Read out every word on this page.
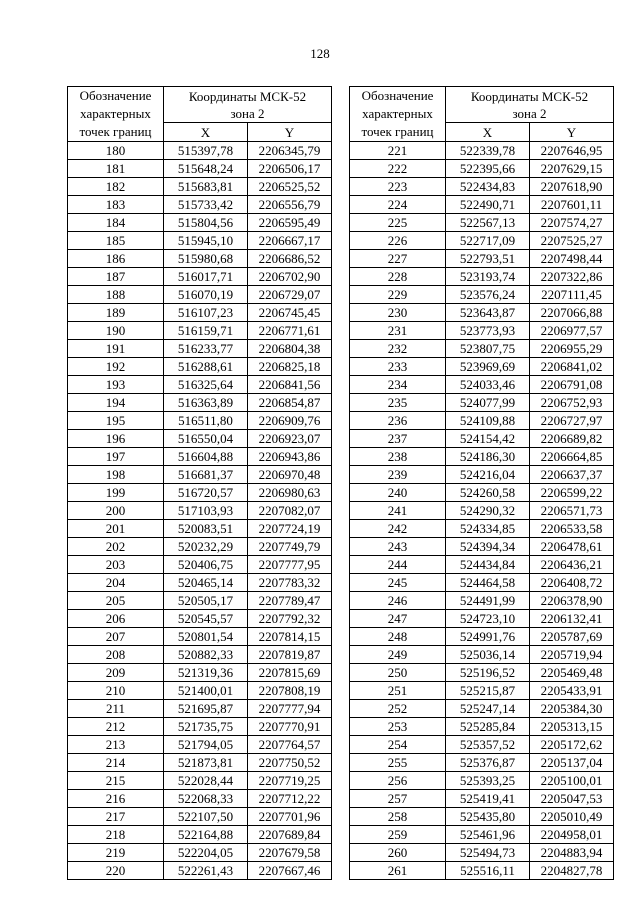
128
Обозначение
характерных
точек границ	Координаты МСК-52
зона 2	
	X	Y
180	515397,78	2206345,79
181	515648,24	2206506,17
182	515683,81	2206525,52
183	515733,42	2206556,79
184	515804,56	2206595,49
185	515945,10	2206667,17
186	515980,68	2206686,52
187	516017,71	2206702,90
188	516070,19	2206729,07
189	516107,23	2206745,45
190	516159,71	2206771,61
191	516233,77	2206804,38
192	516288,61	2206825,18
193	516325,64	2206841,56
194	516363,89	2206854,87
195	516511,80	2206909,76
196	516550,04	2206923,07
197	516604,88	2206943,86
198	516681,37	2206970,48
199	516720,57	2206980,63
200	517103,93	2207082,07
201	520083,51	2207724,19
202	520232,29	2207749,79
203	520406,75	2207777,95
204	520465,14	2207783,32
205	520505,17	2207789,47
206	520545,57	2207792,32
207	520801,54	2207814,15
208	520882,33	2207819,87
209	521319,36	2207815,69
210	521400,01	2207808,19
211	521695,87	2207777,94
212	521735,75	2207770,91
213	521794,05	2207764,57
214	521873,81	2207750,52
215	522028,44	2207719,25
216	522068,33	2207712,22
217	522107,50	2207701,96
218	522164,88	2207689,84
219	522204,05	2207679,58
220	522261,43	2207667,46
Обозначение
характерных
точек границ	Координаты МСК-52
зона 2	
	X	Y
221	522339,78	2207646,95
222	522395,66	2207629,15
223	522434,83	2207618,90
224	522490,71	2207601,11
225	522567,13	2207574,27
226	522717,09	2207525,27
227	522793,51	2207498,44
228	523193,74	2207322,86
229	523576,24	2207111,45
230	523643,87	2207066,88
231	523773,93	2206977,57
232	523807,75	2206955,29
233	523969,69	2206841,02
234	524033,46	2206791,08
235	524077,99	2206752,93
236	524109,88	2206727,97
237	524154,42	2206689,82
238	524186,30	2206664,85
239	524216,04	2206637,37
240	524260,58	2206599,22
241	524290,32	2206571,73
242	524334,85	2206533,58
243	524394,34	2206478,61
244	524434,84	2206436,21
245	524464,58	2206408,72
246	524491,99	2206378,90
247	524723,10	2206132,41
248	524991,76	2205787,69
249	525036,14	2205719,94
250	525196,52	2205469,48
251	525215,87	2205433,91
252	525247,14	2205384,30
253	525285,84	2205313,15
254	525357,52	2205172,62
255	525376,87	2205137,04
256	525393,25	2205100,01
257	525419,41	2205047,53
258	525435,80	2205010,49
259	525461,96	2204958,01
260	525494,73	2204883,94
261	525516,11	2204827,78
